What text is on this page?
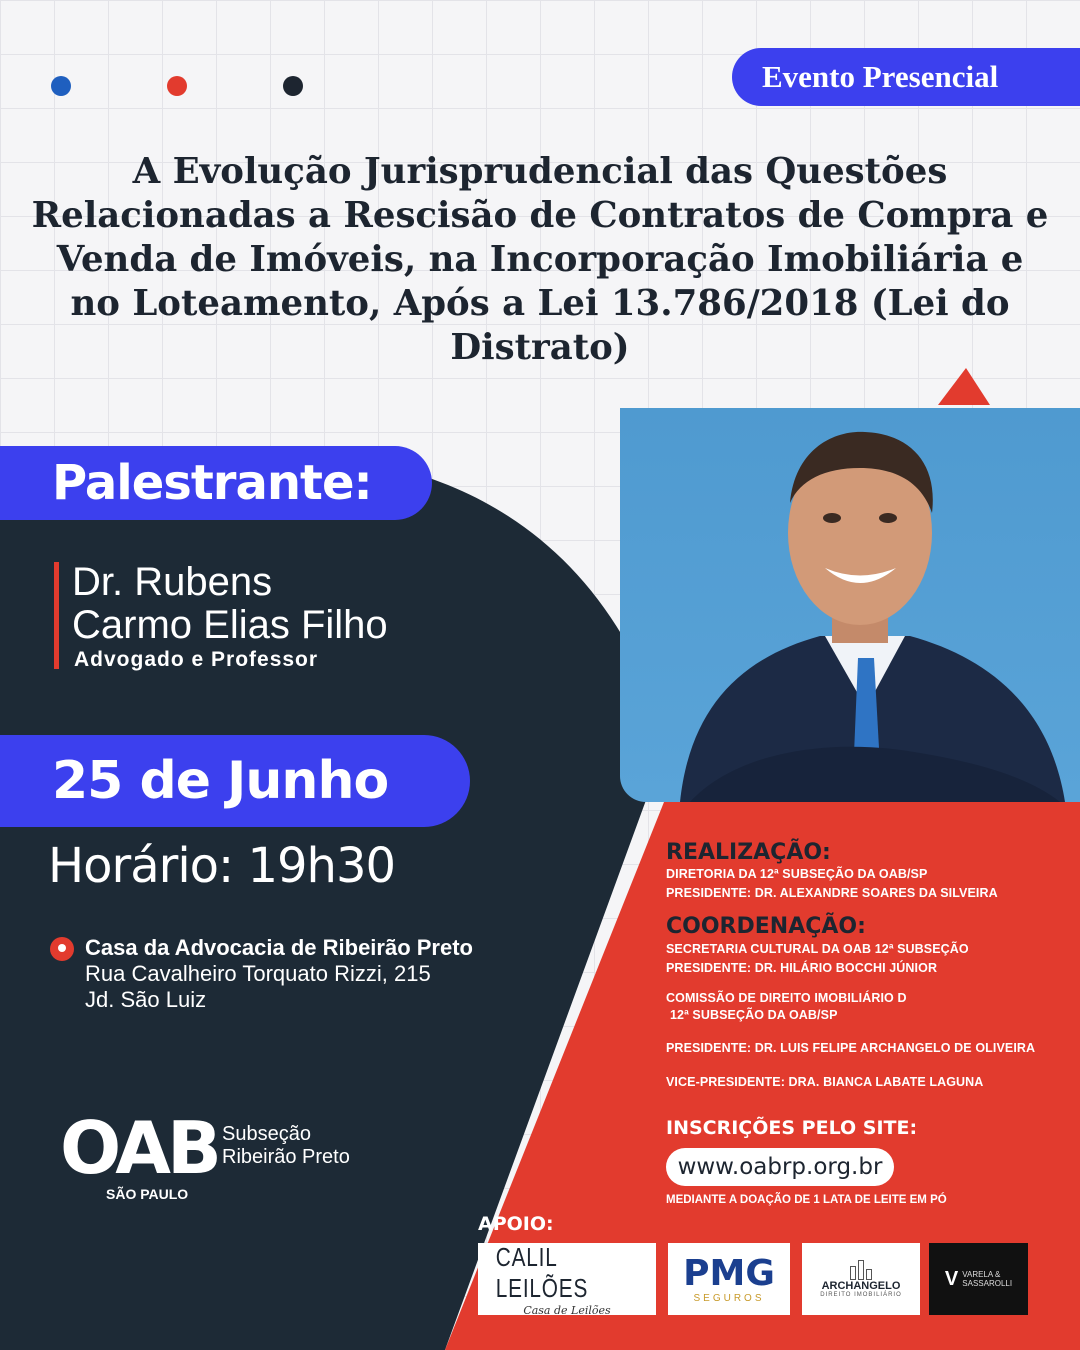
Evento Presencial
A Evolução Jurisprudencial das Questões Relacionadas a Rescisão de Contratos de Compra e Venda de Imóveis, na Incorporação Imobiliária e no Loteamento, Após a Lei 13.786/2018 (Lei do Distrato)
Palestrante:
Dr. Rubens
Carmo Elias Filho
Advogado e Professor
25 de Junho
Horário: 19h30
Casa da Advocacia de Ribeirão Preto
Rua Cavalheiro Torquato Rizzi, 215
Jd. São Luiz
OAB
SÃO PAULO
Subseção
Ribeirão Preto
REALIZAÇÃO:
DIRETORIA DA 12ª SUBSEÇÃO DA OAB/SP
PRESIDENTE: DR. ALEXANDRE SOARES DA SILVEIRA
COORDENAÇÃO:
SECRETARIA CULTURAL DA OAB 12ª SUBSEÇÃO
PRESIDENTE: DR. HILÁRIO BOCCHI JÚNIOR
COMISSÃO DE DIREITO IMOBILIÁRIO D
12ª SUBSEÇÃO DA OAB/SP
PRESIDENTE: DR. LUIS FELIPE ARCHANGELO DE OLIVEIRA
VICE-PRESIDENTE: DRA. BIANCA LABATE LAGUNA
INSCRIÇÕES PELO SITE:
www.oabrp.org.br
MEDIANTE A DOAÇÃO DE 1 LATA DE LEITE EM PÓ
APOIO:
CALIL LEILÕES
Casa de Leilões
PMG
SEGUROS
ARCHANGELO
DIREITO IMOBILIÁRIO
V VARELA &
SASSAROLLI
